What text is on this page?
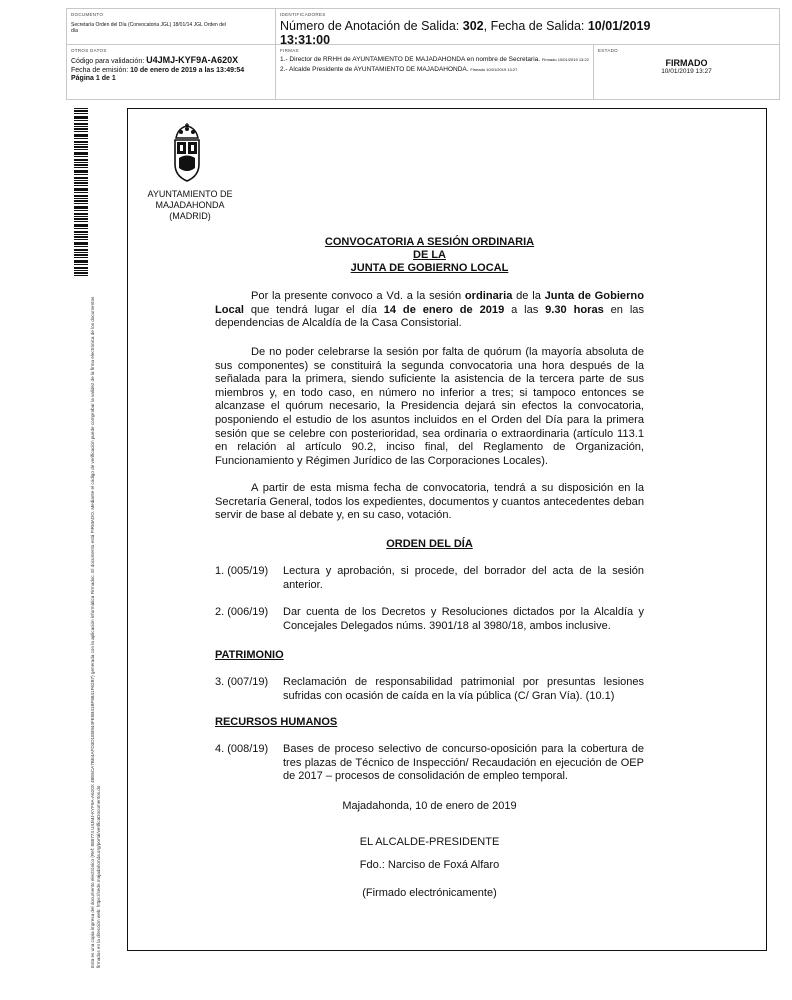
DOCUMENTO
Secretaría Orden del Día (Convocatoria JGL) 18/01/14 JGL Orden del día
IDENTIFICADORES
Número de Anotación de Salida: 302, Fecha de Salida: 10/01/2019
13:31:00
OTROS DATOS
Código para validación: U4JMJ-KYF9A-A620X
Fecha de emisión: 10 de enero de 2019 a las 13:49:54
Página 1 de 1
FIRMAS
1.- Director de RRHH de AYUNTAMIENTO DE MAJADAHONDA en nombre de Secretaria. Firmado 10/01/2019 13:22
2.- Alcalde Presidente de AYUNTAMIENTO DE MAJADAHONDA. Firmado 10/01/2019 13:27
ESTADO
FIRMADO
10/01/2019 13:27
Esta es una copia impresa del documento electrónico (Ref: 888774 U4JMJ-KYF9A-A620X 48E6CA7BE4AFD3D1EB944FE5B41BF8841F62B7) generada con la aplicación informática Firmadoc. El documento está FIRMADO. Mediante el código de verificación puede comprobar la validez de la firma electrónica de los documentos firmados en la dirección web: https://sede.majadahonda.org/portal/verificaDocumentos.do
AYUNTAMIENTO DE
MAJADAHONDA
(MADRID)
CONVOCATORIA A SESIÓN ORDINARIA
DE LA
JUNTA DE GOBIERNO LOCAL

Por la presente convoco a Vd. a la sesión ordinaria de la Junta de Gobierno Local que tendrá lugar el día 14 de enero de 2019 a las 9.30 horas en las dependencias de Alcaldía de la Casa Consistorial.

De no poder celebrarse la sesión por falta de quórum (la mayoría absoluta de sus componentes) se constituirá la segunda convocatoria una hora después de la señalada para la primera, siendo suficiente la asistencia de la tercera parte de sus miembros y, en todo caso, en número no inferior a tres; si tampoco entonces se alcanzase el quórum necesario, la Presidencia dejará sin efectos la convocatoria, posponiendo el estudio de los asuntos incluidos en el Orden del Día para la primera sesión que se celebre con posterioridad, sea ordinaria o extraordinaria (artículo 113.1 en relación al artículo 90.2, inciso final, del Reglamento de Organización, Funcionamiento y Régimen Jurídico de las Corporaciones Locales).

A partir de esta misma fecha de convocatoria, tendrá a su disposición en la Secretaría General, todos los expedientes, documentos y cuantos antecedentes deban servir de base al debate y, en su caso, votación.

ORDEN DEL DÍA
1. (005/19)	Lectura y aprobación, si procede, del borrador del acta de la sesión anterior.
2. (006/19)	Dar cuenta de los Decretos y Resoluciones dictados por la Alcaldía y Concejales Delegados núms. 3901/18 al 3980/18, ambos inclusive.
PATRIMONIO
3. (007/19)	Reclamación de responsabilidad patrimonial por presuntas lesiones sufridas con ocasión de caída en la vía pública (C/ Gran Vía). (10.1)
RECURSOS HUMANOS
4. (008/19)	Bases de proceso selectivo de concurso-oposición para la cobertura de tres plazas de Técnico de Inspección/ Recaudación en ejecución de OEP de 2017 – procesos de consolidación de empleo temporal.
Majadahonda, 10 de enero de 2019
EL ALCALDE-PRESIDENTE
Fdo.: Narciso de Foxá Alfaro
(Firmado electrónicamente)
